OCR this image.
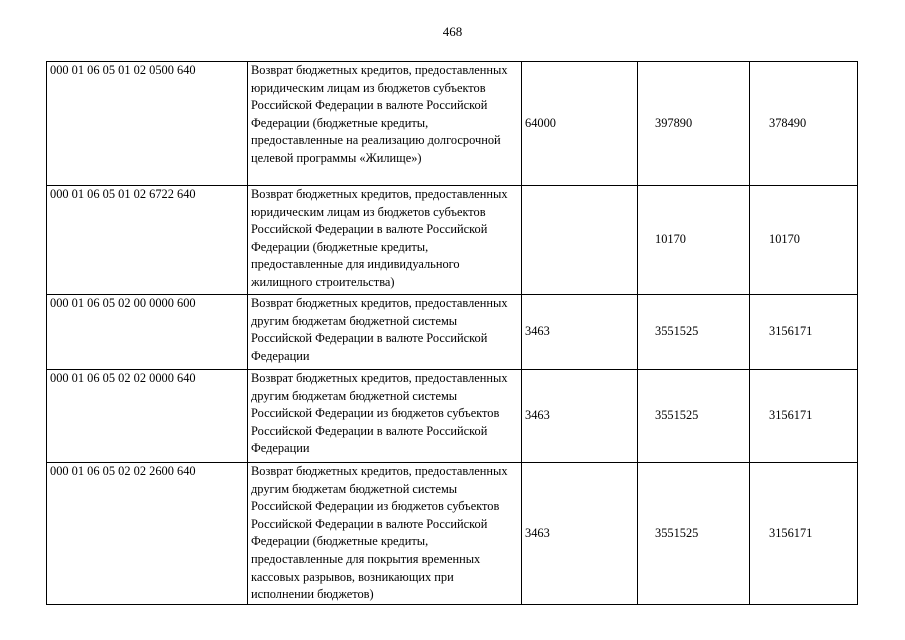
468
000 01 06 05 01 02 0500 640	Возврат бюджетных кредитов, предоставленных юридическим лицам из бюджетов субъектов Российской Федерации в валюте Российской Федерации (бюджетные кредиты, предоставленные на реализацию долгосрочной целевой программы «Жилище»)	64000	397890	378490
000 01 06 05 01 02 6722 640	Возврат бюджетных кредитов, предоставленных юридическим лицам из бюджетов субъектов Российской Федерации в валюте Российской Федерации (бюджетные кредиты, предоставленные для индивидуального жилищного строительства)		10170	10170
000 01 06 05 02 00 0000 600	Возврат бюджетных кредитов, предоставленных другим бюджетам бюджетной системы Российской Федерации в валюте Российской Федерации	3463	3551525	3156171
000 01 06 05 02 02 0000 640	Возврат бюджетных кредитов, предоставленных другим бюджетам бюджетной системы Российской Федерации из бюджетов субъектов Российской Федерации в валюте Российской Федерации	3463	3551525	3156171
000 01 06 05 02 02 2600 640	Возврат бюджетных кредитов, предоставленных другим бюджетам бюджетной системы Российской Федерации из бюджетов субъектов Российской Федерации в валюте Российской Федерации (бюджетные кредиты, предоставленные для покрытия временных кассовых разрывов, возникающих при исполнении бюджетов)	3463	3551525	3156171
